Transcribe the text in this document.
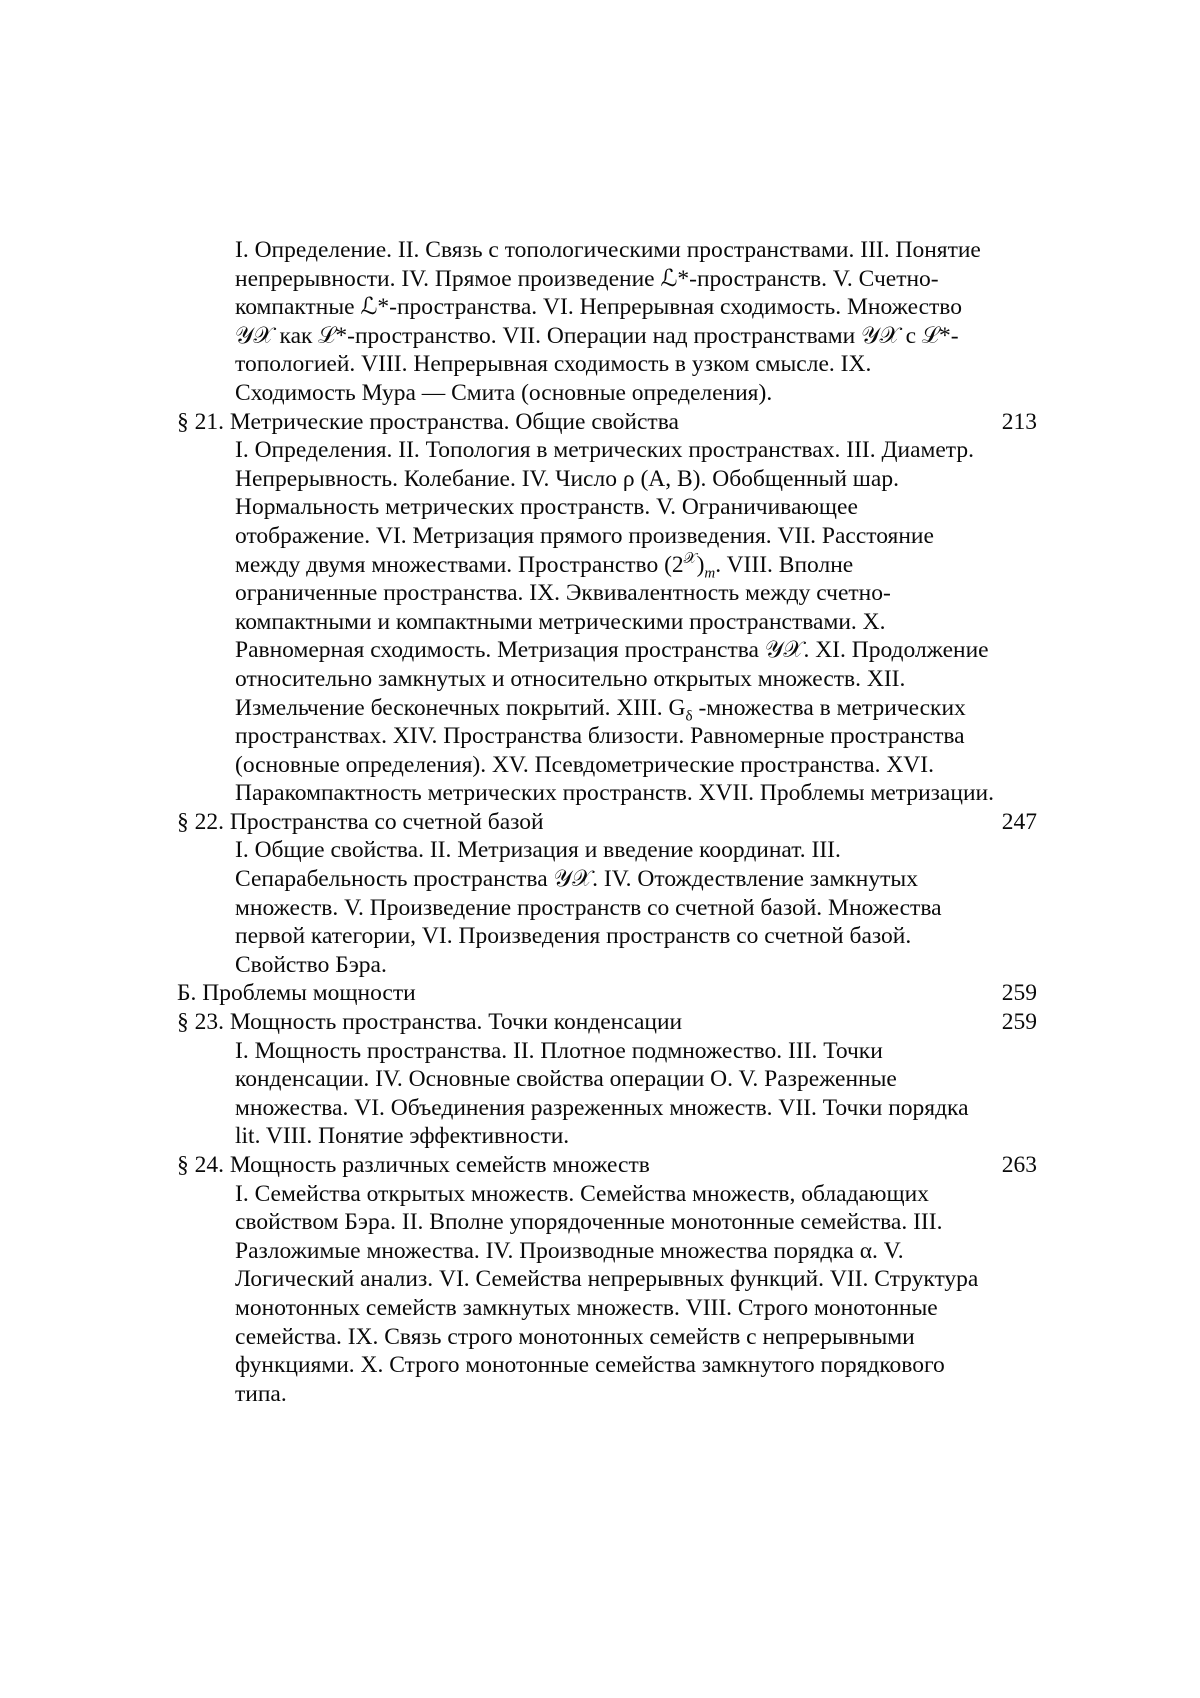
I. Определение. II. Связь с топологическими пространствами. III. Понятие непрерывности. IV. Прямое произведение ℒ*-пространств. V. Счетно-компактные ℒ*-пространства. VI. Непрерывная сходимость. Множество 𝒴𝒳 как ℒ*-пространство. VII. Операции над пространствами 𝒴𝒳 с ℒ*-топологией. VIII. Непрерывная сходимость в узком смысле. IX. Сходимость Мура — Смита (основные определения).
§ 21. Метрические пространства. Общие свойства	213
I. Определения. II. Топология в метрических пространствах. III. Диаметр. Непрерывность. Колебание. IV. Число ρ (A, B). Обобщенный шар. Нормальность метрических пространств. V. Ограничивающее отображение. VI. Метризация прямого произведения. VII. Расстояние между двумя множествами. Пространство $(2^𝒳)_m$. VIII. Вполне ограниченные пространства. IX. Эквивалентность между счетно-компактными и компактными метрическими пространствами. X. Равномерная сходимость. Метризация пространства 𝒴𝒳. XI. Продолжение относительно замкнутых и относительно открытых множеств. XII. Измельчение бесконечных покрытий. XIII. $G_\delta$ -множества в метрических пространствах. XIV. Пространства близости. Равномерные пространства (основные определения). XV. Псевдометрические пространства. XVI. Паракомпактность метрических пространств. XVII. Проблемы метризации.
§ 22. Пространства со счетной базой	247
I. Общие свойства. II. Метризация и введение координат. III. Сепарабельность пространства 𝒴𝒳. IV. Отождествление замкнутых множеств. V. Произведение пространств со счетной базой. Множества первой категории, VI. Произведения пространств со счетной базой. Свойство Бэра.
Б. Проблемы мощности	259
§ 23. Мощность пространства. Точки конденсации	259
I. Мощность пространства. II. Плотное подмножество. III. Точки конденсации. IV. Основные свойства операции O. V. Разреженные множества. VI. Объединения разреженных множеств. VII. Точки порядка lit. VIII. Понятие эффективности.
§ 24. Мощность различных семейств множеств	263
I. Семейства открытых множеств. Семейства множеств, обладающих свойством Бэра. II. Вполне упорядоченные монотонные семейства. III. Разложимые множества. IV. Производные множества порядка α. V. Логический анализ. VI. Семейства непрерывных функций. VII. Структура монотонных семейств замкнутых множеств. VIII. Строго монотонные семейства. IX. Связь строго монотонных семейств с непрерывными функциями. X. Строго монотонные семейства замкнутого порядкового типа.
